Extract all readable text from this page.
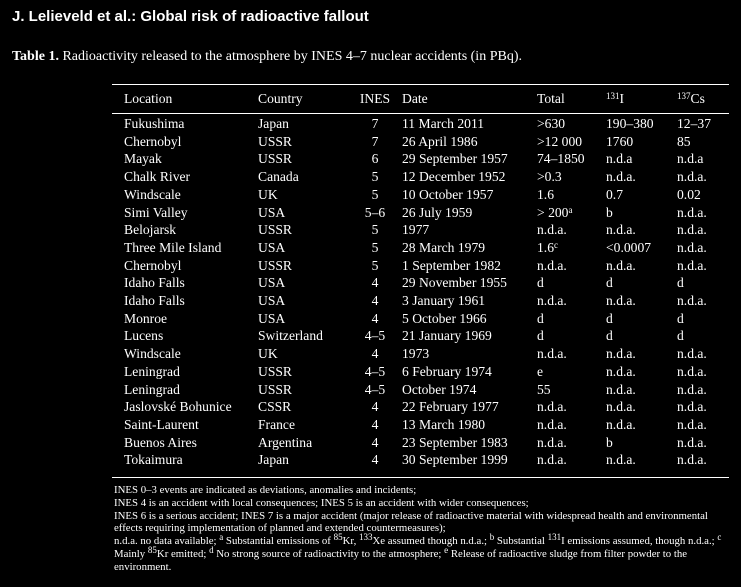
J. Lelieveld et al.: Global risk of radioactive fallout
Table 1. Radioactivity released to the atmosphere by INES 4–7 nuclear accidents (in PBq).
Location	Country	INES	Date	Total	$^{131}$I	$^{137}$Cs
Fukushima	Japan	7	11 March 2011	>630	190–380	12–37
Chernobyl	USSR	7	26 April 1986	>12 000	1760	85
Mayak	USSR	6	29 September 1957	74–1850	n.d.a	n.d.a
Chalk River	Canada	5	12 December 1952	>0.3	n.d.a.	n.d.a.
Windscale	UK	5	10 October 1957	1.6	0.7	0.02
Simi Valley	USA	5–6	26 July 1959	> $200^a$	b	n.d.a.
Belojarsk	USSR	5	1977	n.d.a.	n.d.a.	n.d.a.
Three Mile Island	USA	5	28 March 1979	1.6$^c$	<0.0007	n.d.a.
Chernobyl	USSR	5	1 September 1982	n.d.a.	n.d.a.	n.d.a.
Idaho Falls	USA	4	29 November 1955	d	d	d
Idaho Falls	USA	4	3 January 1961	n.d.a.	n.d.a.	n.d.a.
Monroe	USA	4	5 October 1966	d	d	d
Lucens	Switzerland	4–5	21 January 1969	d	d	d
Windscale	UK	4	1973	n.d.a.	n.d.a.	n.d.a.
Leningrad	USSR	4–5	6 February 1974	e	n.d.a.	n.d.a.
Leningrad	USSR	4–5	October 1974	55	n.d.a.	n.d.a.
Jaslovské Bohunice	CSSR	4	22 February 1977	n.d.a.	n.d.a.	n.d.a.
Saint-Laurent	France	4	13 March 1980	n.d.a.	n.d.a.	n.d.a.
Buenos Aires	Argentina	4	23 September 1983	n.d.a.	b	n.d.a.
Tokaimura	Japan	4	30 September 1999	n.d.a.	n.d.a.	n.d.a.

INES 0–3 events are indicated as deviations, anomalies and incidents;

INES 4 is an accident with local consequences; INES 5 is an accident with wider consequences;

INES 6 is a serious accident; INES 7 is a major accident (major release of radioactive material with widespread health and environmental effects requiring implementation of planned and extended countermeasures);

n.d.a. no data available; $^a$ Substantial emissions of $^{85}$Kr, $^{133}$Xe assumed though n.d.a.; $^b$ Substantial $^{131}$I emissions assumed, though n.d.a.; $^c$ Mainly $^{85}$Kr emitted; $^d$ No strong source of radioactivity to the atmosphere; $^e$ Release of radioactive sludge from filter powder to the environment.
